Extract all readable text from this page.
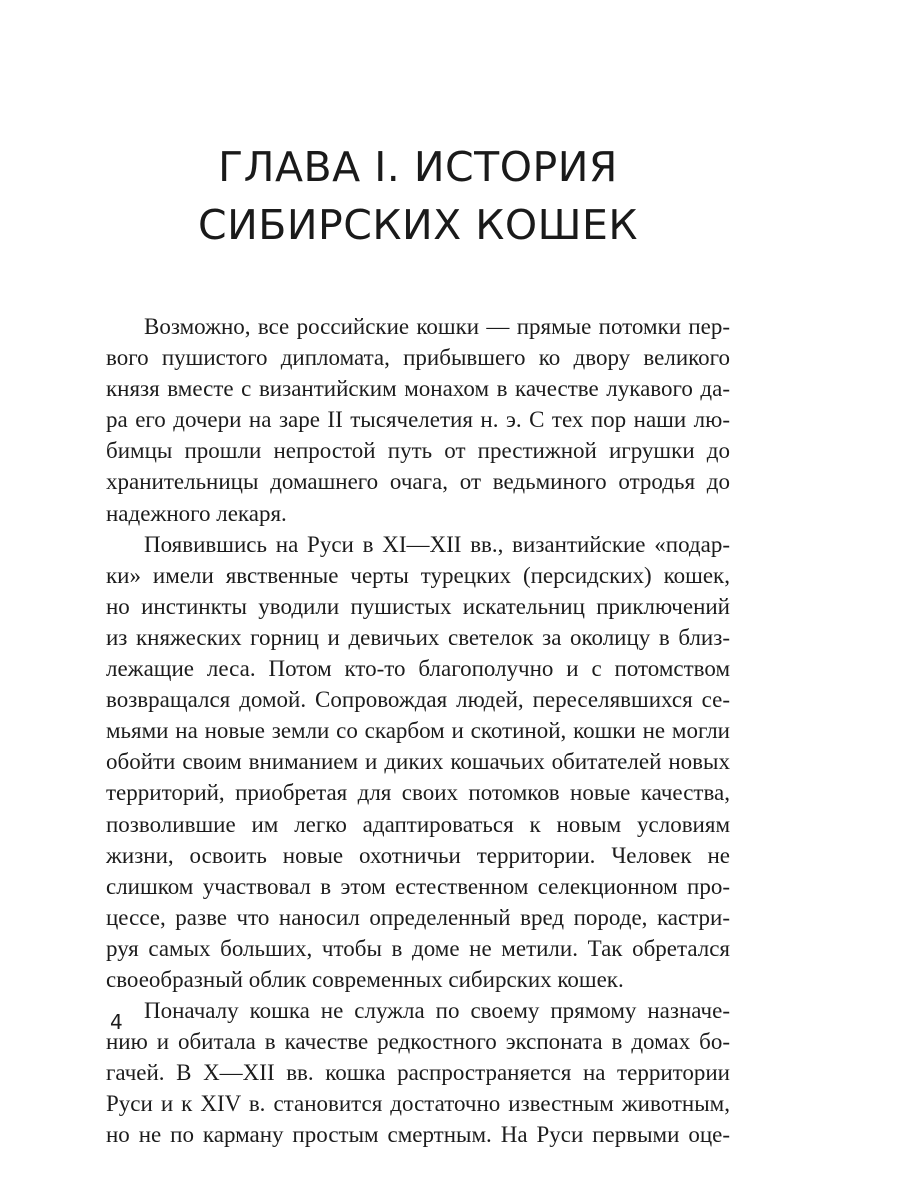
ГЛАВА I. ИСТОРИЯ
СИБИРСКИХ КОШЕК
Возможно, все российские кошки — прямые потомки пер-
вого пушистого дипломата, прибывшего ко двору великого
князя вместе с византийским монахом в качестве лукавого да-
ра его дочери на заре II тысячелетия н. э. С тех пор наши лю-
бимцы прошли непростой путь от престижной игрушки до
хранительницы домашнего очага, от ведьминого отродья до
надежного лекаря.
Появившись на Руси в XI—XII вв., византийские «подар-
ки» имели явственные черты турецких (персидских) кошек,
но инстинкты уводили пушистых искательниц приключений
из княжеских горниц и девичьих светелок за околицу в близ-
лежащие леса. Потом кто-то благополучно и с потомством
возвращался домой. Сопровождая людей, переселявшихся се-
мьями на новые земли со скарбом и скотиной, кошки не могли
обойти своим вниманием и диких кошачьих обитателей новых
территорий, приобретая для своих потомков новые качества,
позволившие им легко адаптироваться к новым условиям
жизни, освоить новые охотничьи территории. Человек не
слишком участвовал в этом естественном селекционном про-
цессе, разве что наносил определенный вред породе, кастри-
руя самых больших, чтобы в доме не метили. Так обретался
своеобразный облик современных сибирских кошек.
Поначалу кошка не служла по своему прямому назначе-
нию и обитала в качестве редкостного экспоната в домах бо-
гачей. В X—XII вв. кошка распространяется на территории
Руси и к XIV в. становится достаточно известным животным,
но не по карману простым смертным. На Руси первыми оце-
4
